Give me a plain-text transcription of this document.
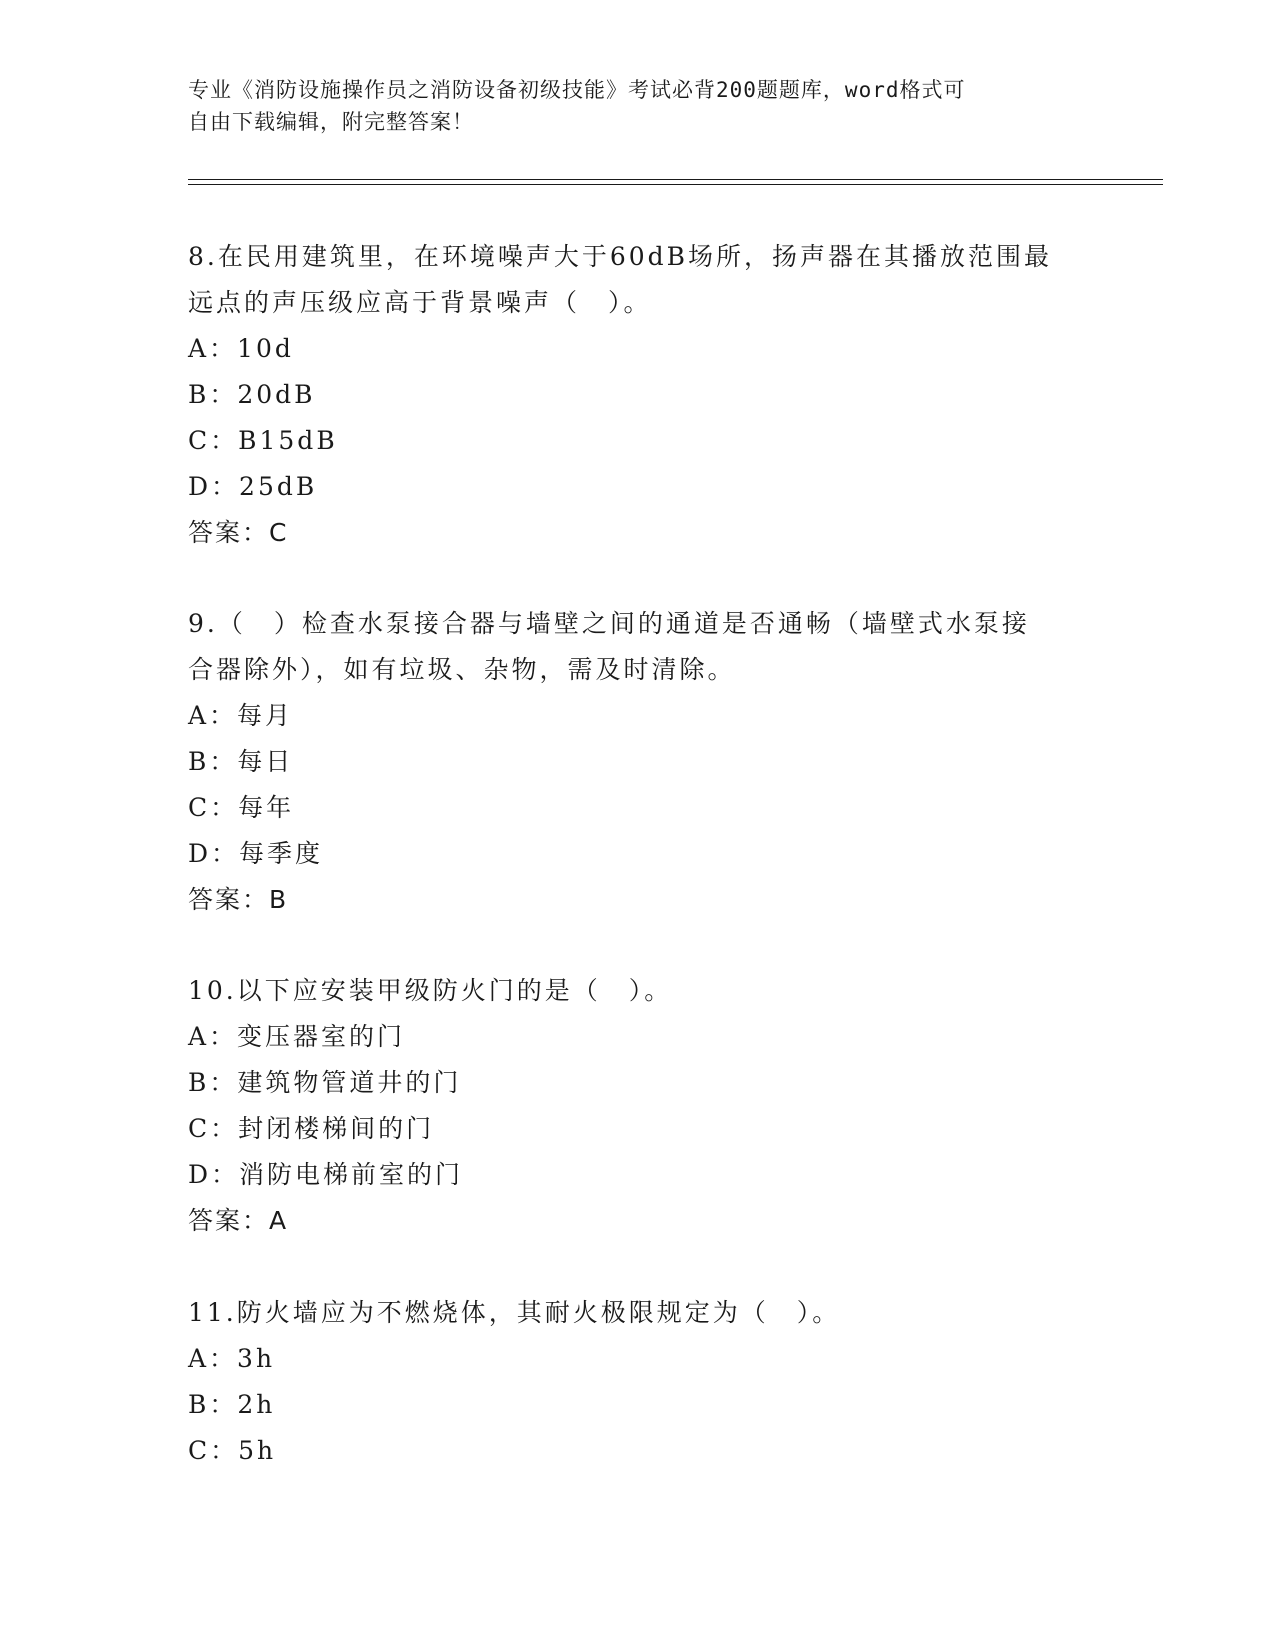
专业《消防设施操作员之消防设备初级技能》考试必背200题题库，word格式可
自由下载编辑，附完整答案！

8.在民用建筑里，在环境噪声大于60dB场所，扬声器在其播放范围最

远点的声压级应高于背景噪声（　）。

A：10d

B：20dB

C：B15dB

D：25dB

答案：C

9.（　）检查水泵接合器与墙壁之间的通道是否通畅（墙壁式水泵接

合器除外），如有垃圾、杂物，需及时清除。

A：每月

B：每日

C：每年

D：每季度

答案：B

10.以下应安装甲级防火门的是（　）。

A：变压器室的门

B：建筑物管道井的门

C：封闭楼梯间的门

D：消防电梯前室的门

答案：A

11.防火墙应为不燃烧体，其耐火极限规定为（　）。

A：3h

B：2h

C：5h
